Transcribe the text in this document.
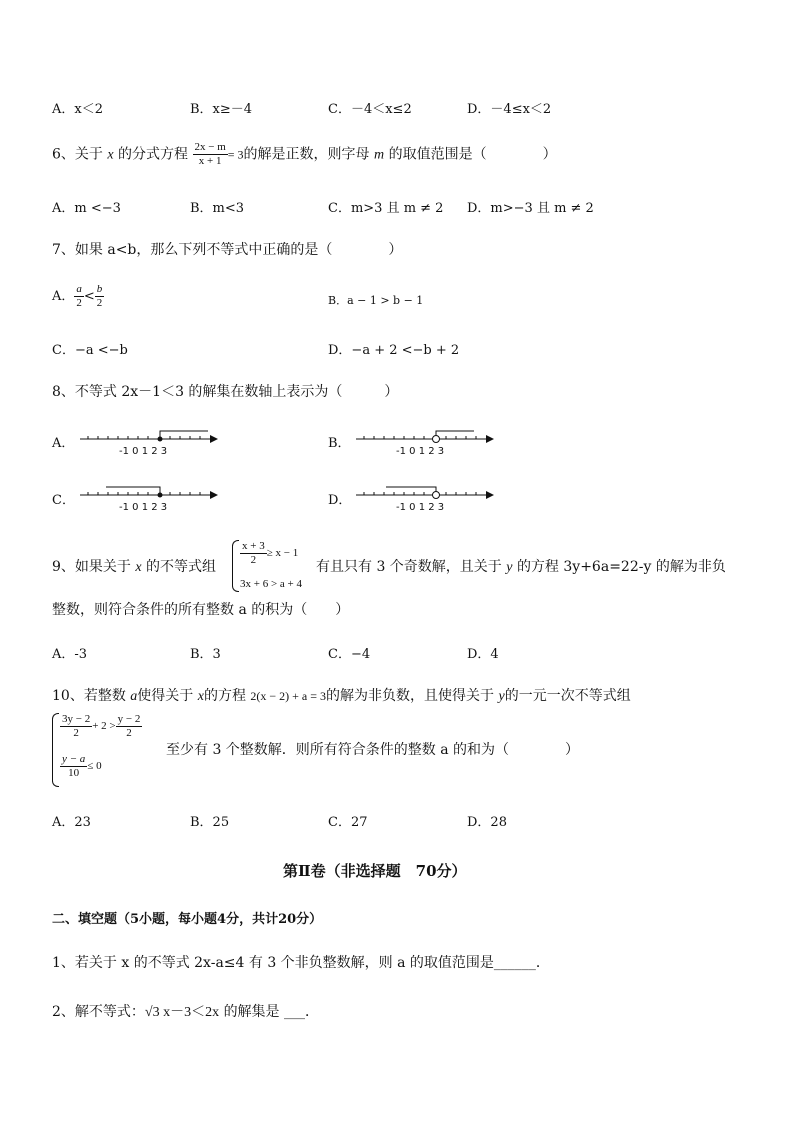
A．x＜2	B．x≥－4	C．－4＜x≤2	D．－4≤x＜2
6、关于 x 的分式方程 $\frac{2x - m}{x + 1} = 3$的解是正数，则字母 m 的取值范围是（　　　　）
A．m <−3	B．m<3	C．m>3 且 m ≠ 2 D．m>−3 且 m ≠ 2
7、如果 a<b，那么下列不等式中正确的是（　　　　）
A． $\frac{a}{2} < \frac{b}{2}$	B．a − 1 > b − 1
C．−a <−b	D．−a + 2 <−b + 2
8、不等式 2x－1＜3 的解集在数轴上表示为（　　　）
A．
-1 0 1 2 3
B．
-1 0 1 2 3
C．	-1 0 1 2 3	D．	-1 0 1 2 3
9、如果关于 x 的不等式组
$\frac{x + 3}{2} \ge x - 1$
3x + 6 > a + 4
有且只有 3 个奇数解，且关于 y 的方程 3y+6a=22-y 的解为非负
整数，则符合条件的所有整数 a 的积为（　　）
A．-3	B．3	C．−4	D．4
10、若整数 a使得关于 x的方程 2(x − 2) + a = 3的解为非负数，且使得关于 y的一元一次不等式组
$\frac{3y - 2}{2} + 2 > \frac{y - 2}{2}$
$\frac{y - a}{10} \le 0$
至少有 3 个整数解．则所有符合条件的整数 a 的和为（　　　　）
A．23	B．25	C．27	D．28
第Ⅱ卷（非选择题　70分）
二、填空题（5小题，每小题4分，共计20分）
1、若关于 x 的不等式 2x-a≤4 有 3 个非负整数解，则 a 的取值范围是______．
2、解不等式：√3 x－3＜2x 的解集是 ___．
